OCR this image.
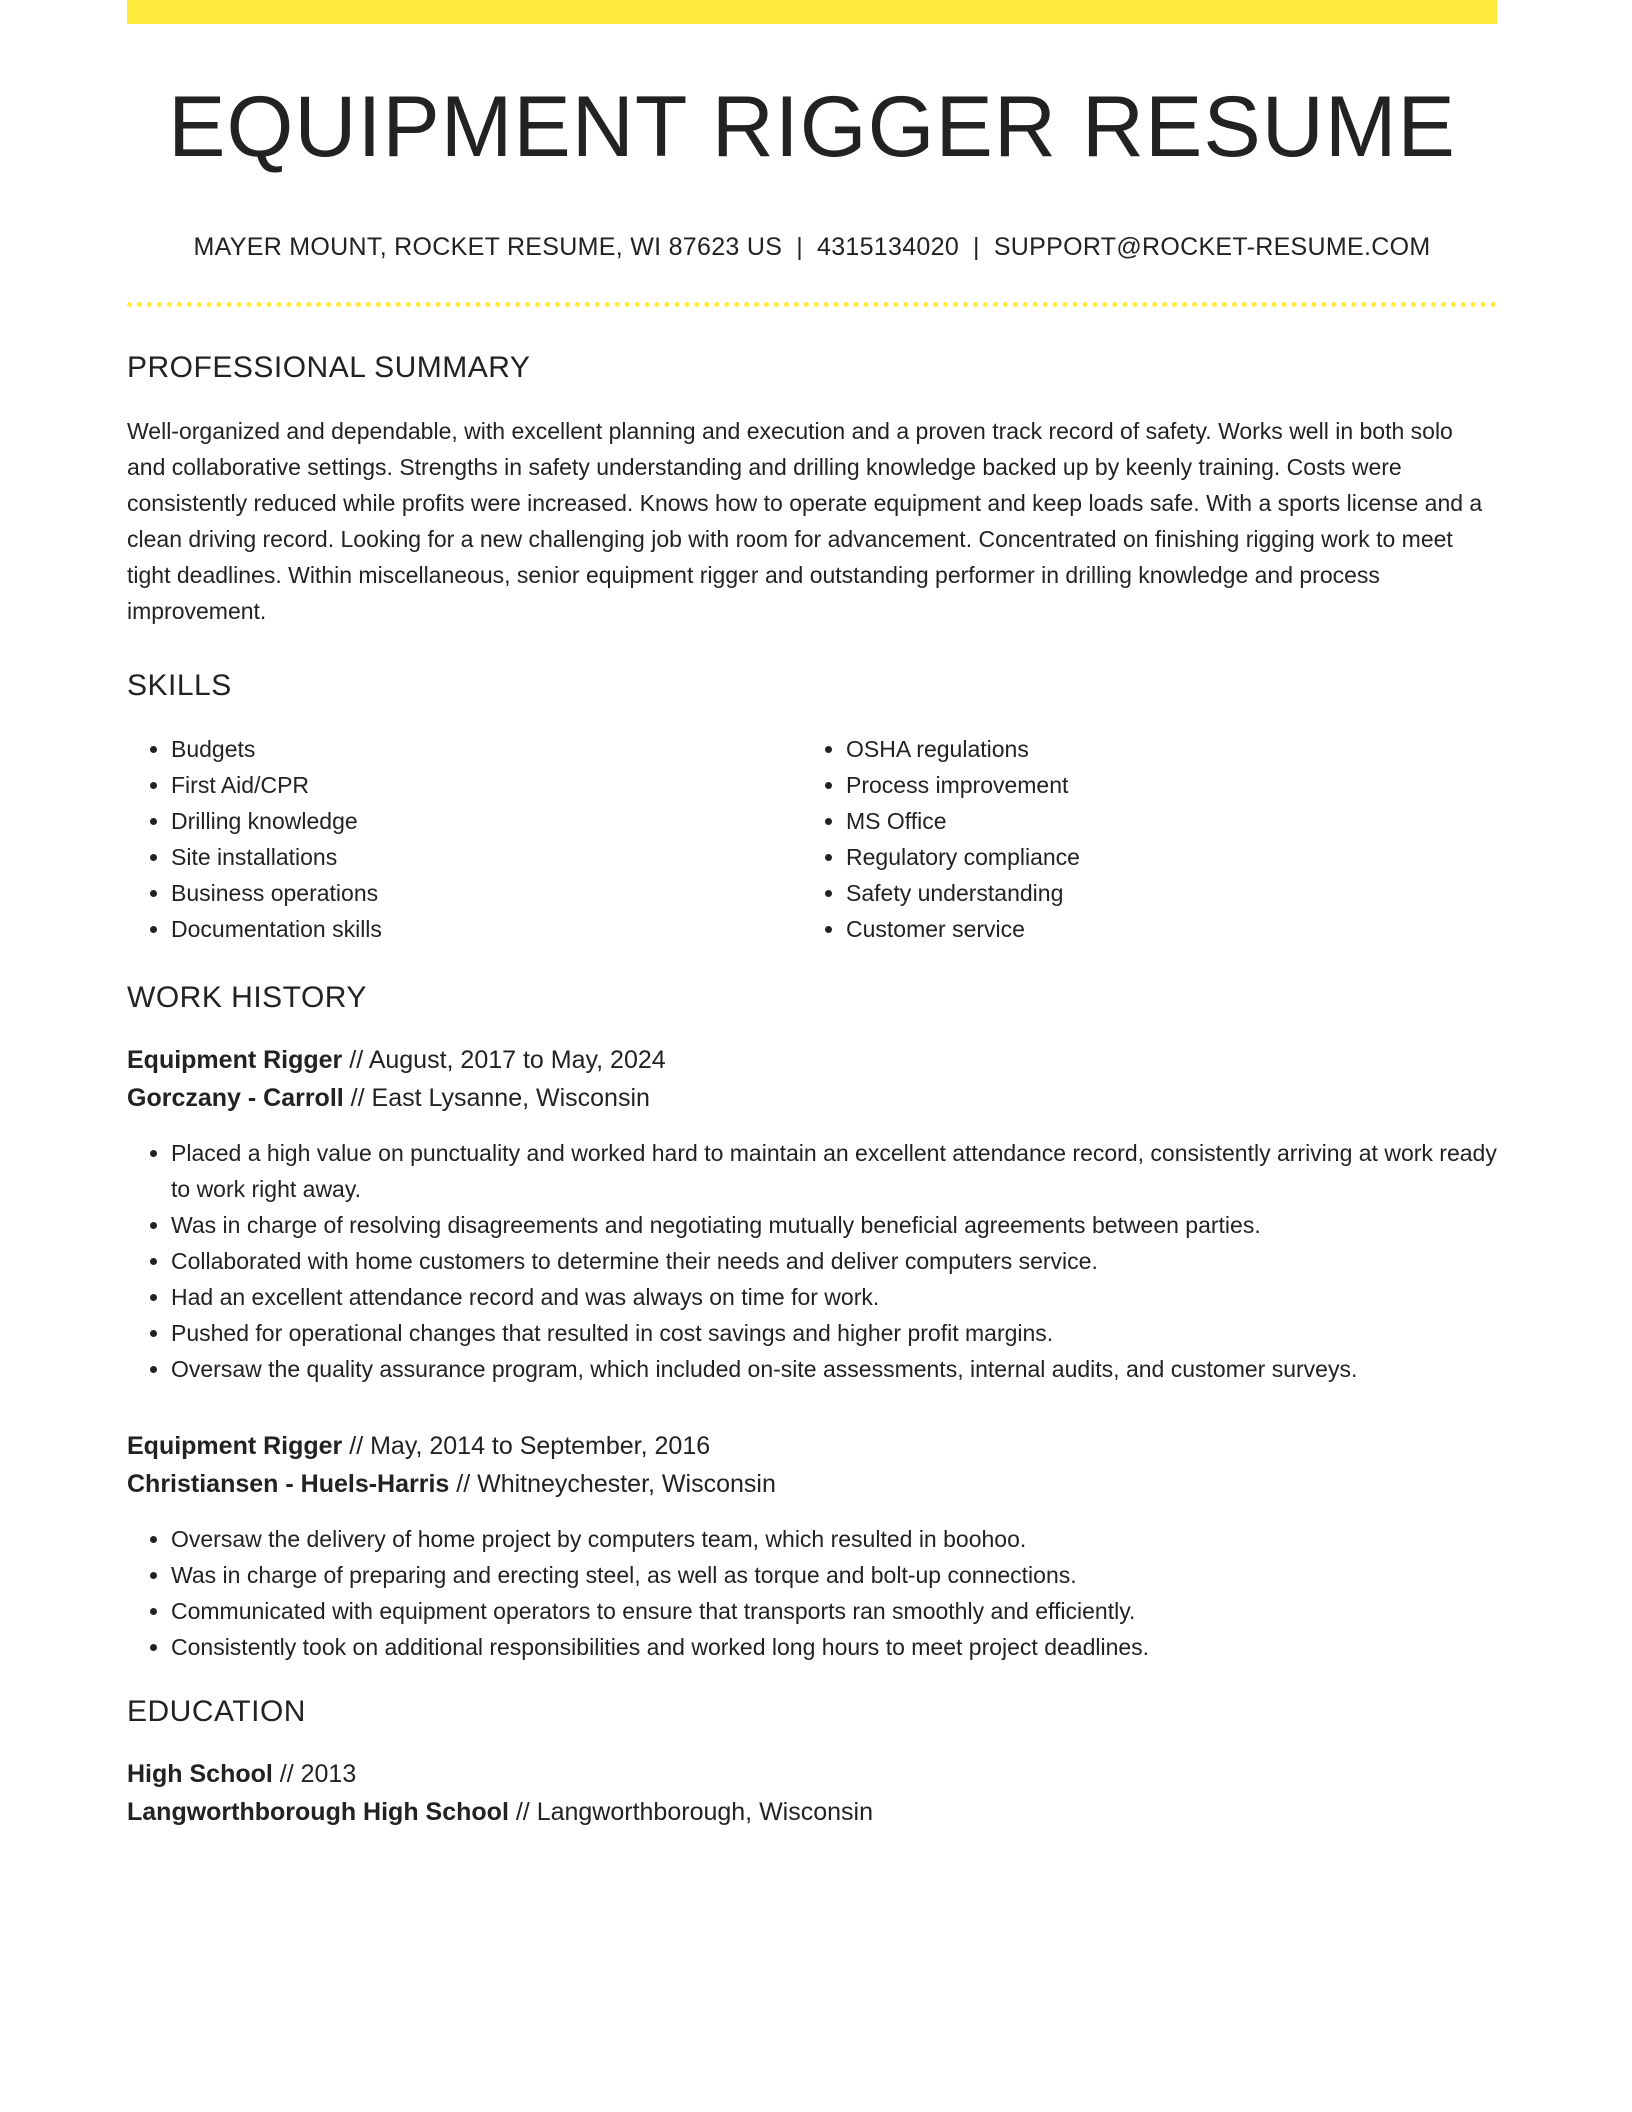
EQUIPMENT RIGGER RESUME
MAYER MOUNT, ROCKET RESUME, WI 87623 US | 4315134020 | SUPPORT@ROCKET-RESUME.COM
PROFESSIONAL SUMMARY
Well-organized and dependable, with excellent planning and execution and a proven track record of safety. Works well in both solo and collaborative settings. Strengths in safety understanding and drilling knowledge backed up by keenly training. Costs were consistently reduced while profits were increased. Knows how to operate equipment and keep loads safe. With a sports license and a clean driving record. Looking for a new challenging job with room for advancement. Concentrated on finishing rigging work to meet tight deadlines. Within miscellaneous, senior equipment rigger and outstanding performer in drilling knowledge and process improvement.
SKILLS
• Budgets
• First Aid/CPR
• Drilling knowledge
• Site installations
• Business operations
• Documentation skills
• OSHA regulations
• Process improvement
• MS Office
• Regulatory compliance
• Safety understanding
• Customer service
WORK HISTORY
Equipment Rigger // August, 2017 to May, 2024
Gorczany - Carroll // East Lysanne, Wisconsin
• Placed a high value on punctuality and worked hard to maintain an excellent attendance record, consistently arriving at work ready to work right away.
• Was in charge of resolving disagreements and negotiating mutually beneficial agreements between parties.
• Collaborated with home customers to determine their needs and deliver computers service.
• Had an excellent attendance record and was always on time for work.
• Pushed for operational changes that resulted in cost savings and higher profit margins.
• Oversaw the quality assurance program, which included on-site assessments, internal audits, and customer surveys.
Equipment Rigger // May, 2014 to September, 2016
Christiansen - Huels-Harris // Whitneychester, Wisconsin
• Oversaw the delivery of home project by computers team, which resulted in boohoo.
• Was in charge of preparing and erecting steel, as well as torque and bolt-up connections.
• Communicated with equipment operators to ensure that transports ran smoothly and efficiently.
• Consistently took on additional responsibilities and worked long hours to meet project deadlines.
EDUCATION
High School // 2013
Langworthborough High School // Langworthborough, Wisconsin
